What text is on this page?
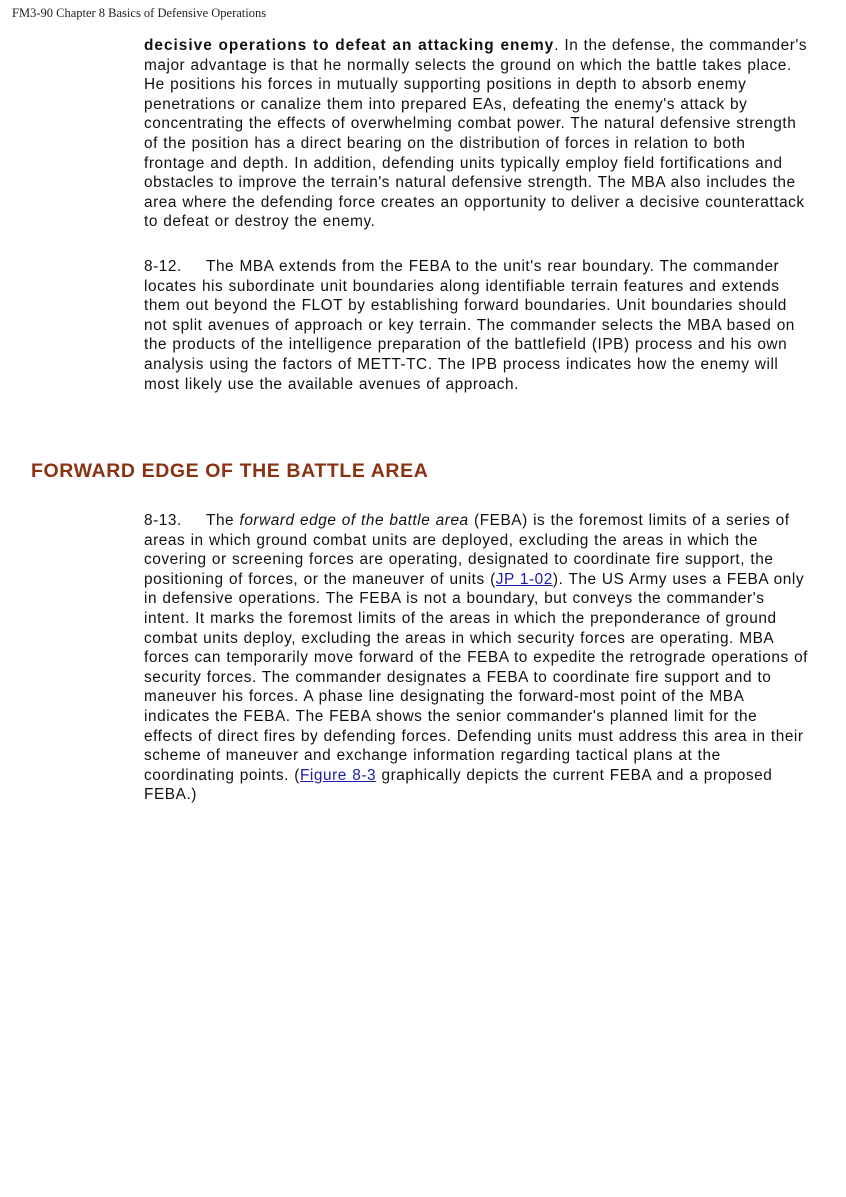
FM3-90 Chapter 8 Basics of Defensive Operations

decisive operations to defeat an attacking enemy. In the defense, the commander's major advantage is that he normally selects the ground on which the battle takes place. He positions his forces in mutually supporting positions in depth to absorb enemy penetrations or canalize them into prepared EAs, defeating the enemy's attack by concentrating the effects of overwhelming combat power. The natural defensive strength of the position has a direct bearing on the distribution of forces in relation to both frontage and depth. In addition, defending units typically employ field fortifications and obstacles to improve the terrain's natural defensive strength. The MBA also includes the area where the defending force creates an opportunity to deliver a decisive counterattack to defeat or destroy the enemy.

8-12. The MBA extends from the FEBA to the unit's rear boundary. The commander locates his subordinate unit boundaries along identifiable terrain features and extends them out beyond the FLOT by establishing forward boundaries. Unit boundaries should not split avenues of approach or key terrain. The commander selects the MBA based on the products of the intelligence preparation of the battlefield (IPB) process and his own analysis using the factors of METT-TC. The IPB process indicates how the enemy will most likely use the available avenues of approach.

FORWARD EDGE OF THE BATTLE AREA

8-13. The forward edge of the battle area (FEBA) is the foremost limits of a series of areas in which ground combat units are deployed, excluding the areas in which the covering or screening forces are operating, designated to coordinate fire support, the positioning of forces, or the maneuver of units (JP 1-02). The US Army uses a FEBA only in defensive operations. The FEBA is not a boundary, but conveys the commander's intent. It marks the foremost limits of the areas in which the preponderance of ground combat units deploy, excluding the areas in which security forces are operating. MBA forces can temporarily move forward of the FEBA to expedite the retrograde operations of security forces. The commander designates a FEBA to coordinate fire support and to maneuver his forces. A phase line designating the forward-most point of the MBA indicates the FEBA. The FEBA shows the senior commander's planned limit for the effects of direct fires by defending forces. Defending units must address this area in their scheme of maneuver and exchange information regarding tactical plans at the coordinating points. (Figure 8-3 graphically depicts the current FEBA and a proposed FEBA.)
